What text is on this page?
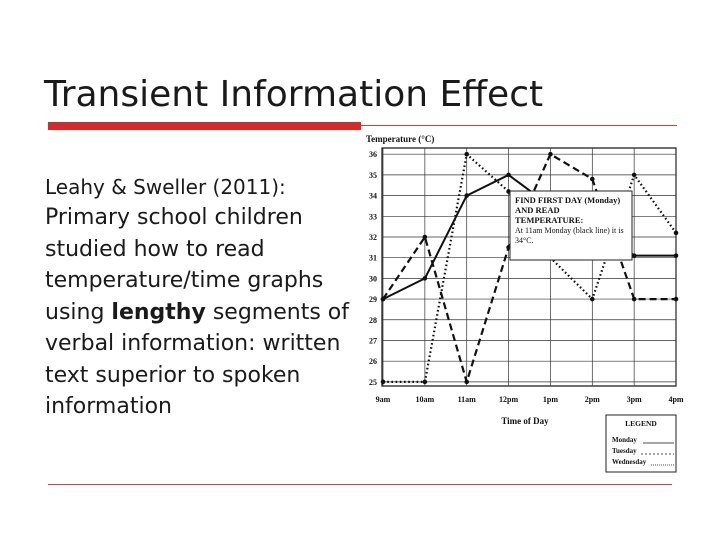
Transient Information Effect
Leahy & Sweller (2011):
Primary school children studied how to read temperature/time graphs using lengthy segments of verbal information: written text superior to spoken information
Temperature (°C)
25
26
27
28
29
30
31
32
33
34
35
36
9am	10am	11am	12pm	1pm	2pm	3pm	4pm
FIND FIRST DAY (Monday) AND READ TEMPERATURE:
At 11am Monday (black line) it is 34°C.
Time of Day	LEGEND
Monday
Tuesday
Wednesday
